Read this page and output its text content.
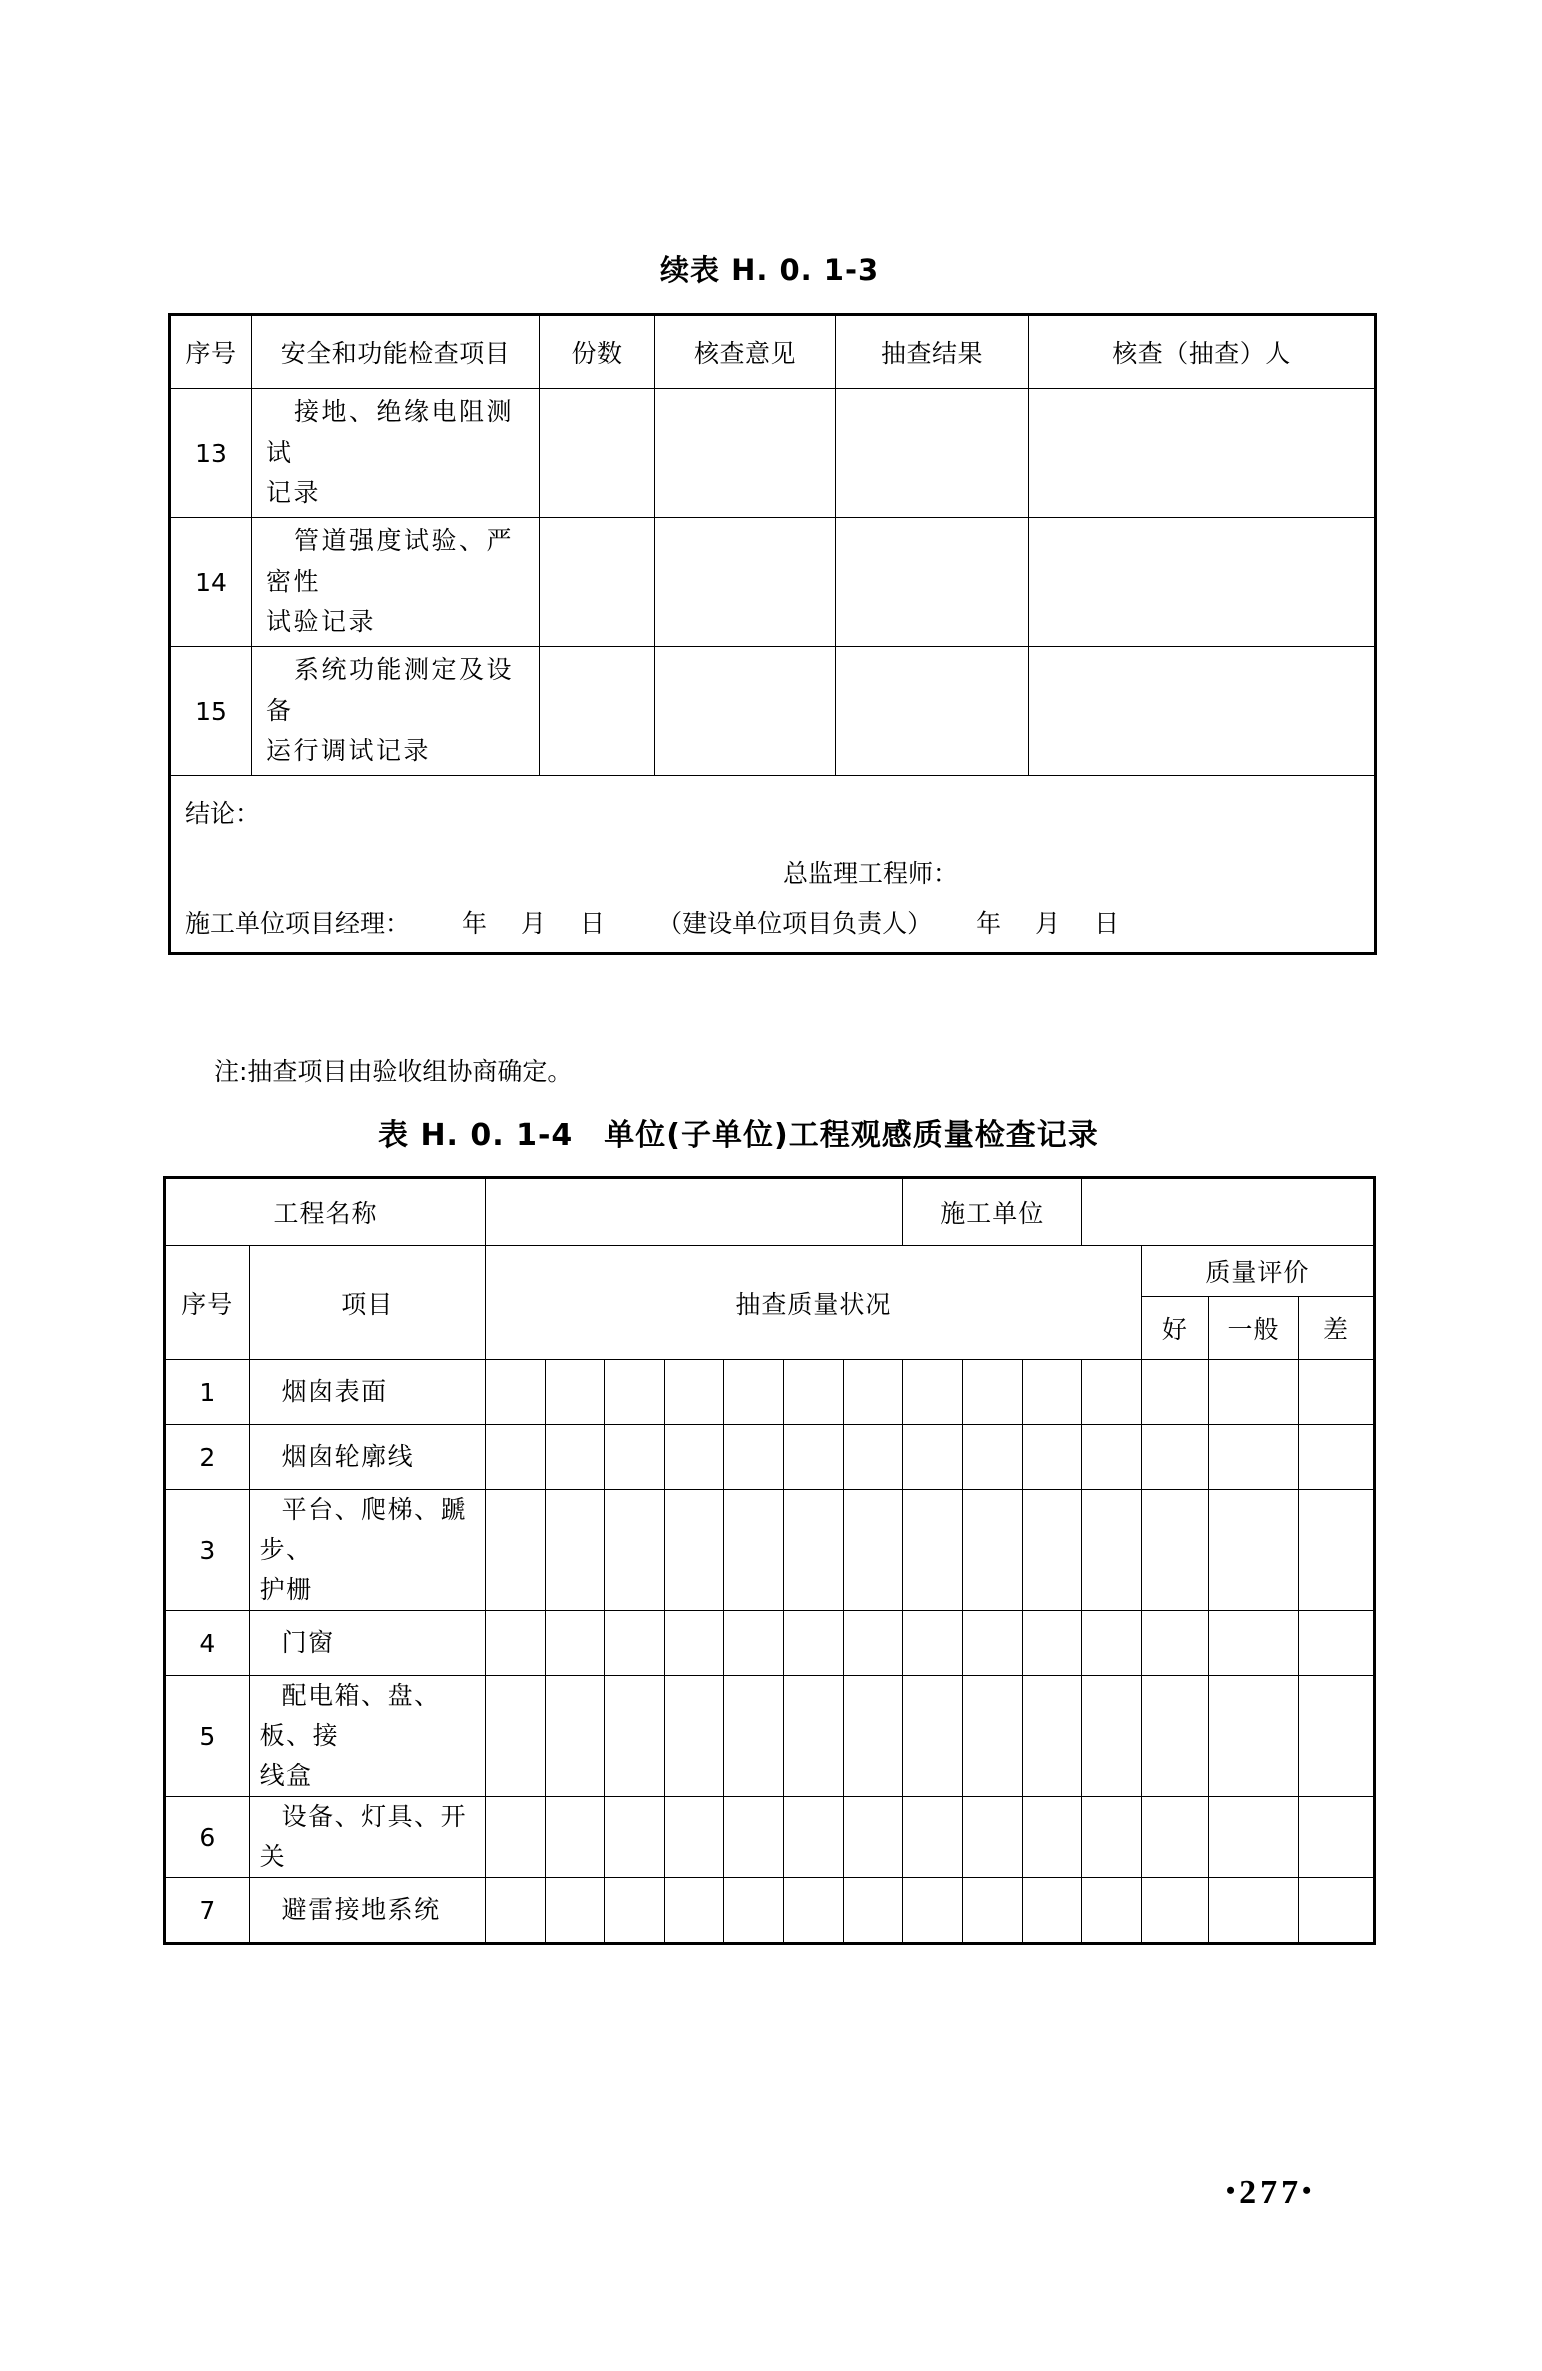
续表 H. 0. 1-3
序号	安全和功能检查项目	份数	核查意见	抽查结果	核查（抽查）人
13	接地、绝缘电阻测试
记录				

14	管道强度试验、严密性
试验记录				

15	系统功能测定及设备
运行调试记录				

结论：
总监理工程师：
施工单位项目经理： 年 月 日 （建设单位项目负责人） 年 月 日					
注:抽查项目由验收组协商确定。
表 H. 0. 1-4　单位(子单位)工程观感质量检查记录
工程名称									施工单位						
序号	项目	抽查质量状况											质量评价		
													好	一般	差
1	烟囱表面														

2	烟囱轮廓线														

3	平台、爬梯、蹏步、
护栅														

4	门窗														

5	配电箱、盘、板、接
线盒														

6	设备、灯具、开关														

7	避雷接地系统														

•277•
